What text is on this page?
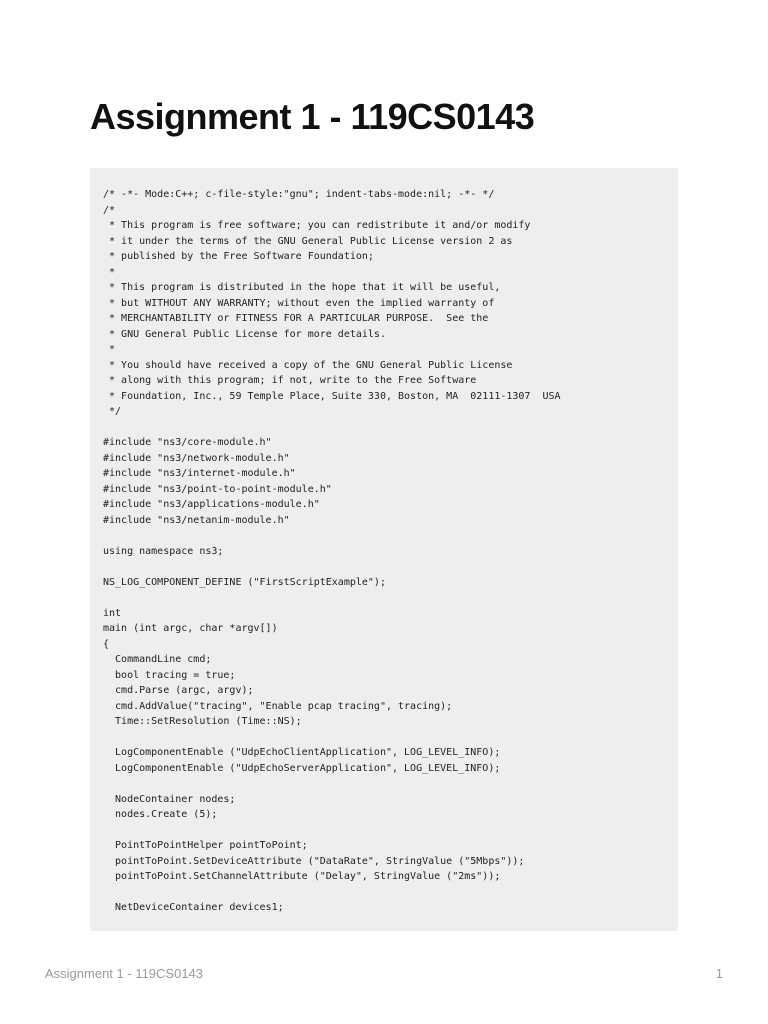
Assignment 1 - 119CS0143
/* -*- Mode:C++; c-file-style:"gnu"; indent-tabs-mode:nil; -*- */
/*
* This program is free software; you can redistribute it and/or modify
* it under the terms of the GNU General Public License version 2 as
* published by the Free Software Foundation;
*
* This program is distributed in the hope that it will be useful,
* but WITHOUT ANY WARRANTY; without even the implied warranty of
* MERCHANTABILITY or FITNESS FOR A PARTICULAR PURPOSE.  See the
* GNU General Public License for more details.
*
* You should have received a copy of the GNU General Public License
* along with this program; if not, write to the Free Software
* Foundation, Inc., 59 Temple Place, Suite 330, Boston, MA  02111-1307  USA
*/

#include "ns3/core-module.h"
#include "ns3/network-module.h"
#include "ns3/internet-module.h"
#include "ns3/point-to-point-module.h"
#include "ns3/applications-module.h"
#include "ns3/netanim-module.h"

using namespace ns3;

NS_LOG_COMPONENT_DEFINE ("FirstScriptExample");

int
main (int argc, char *argv[])
{
CommandLine cmd;
bool tracing = true;
cmd.Parse (argc, argv);
cmd.AddValue("tracing", "Enable pcap tracing", tracing);
Time::SetResolution (Time::NS);

LogComponentEnable ("UdpEchoClientApplication", LOG_LEVEL_INFO);
LogComponentEnable ("UdpEchoServerApplication", LOG_LEVEL_INFO);

NodeContainer nodes;
nodes.Create (5);

PointToPointHelper pointToPoint;
pointToPoint.SetDeviceAttribute ("DataRate", StringValue ("5Mbps"));
pointToPoint.SetChannelAttribute ("Delay", StringValue ("2ms"));

NetDeviceContainer devices1;
Assignment 1 - 119CS0143	1
